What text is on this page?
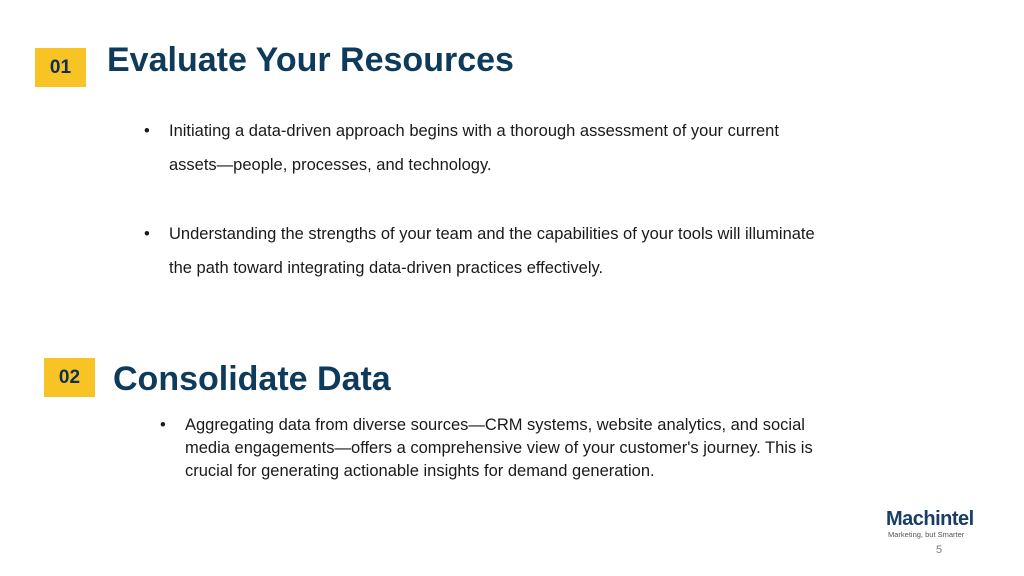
01	Evaluate Your Resources
• Initiating a data-driven approach begins with a thorough assessment of your current assets—people, processes, and technology.
• Understanding the strengths of your team and the capabilities of your tools will illuminate the path toward integrating data-driven practices effectively.
02 Consolidate Data
• Aggregating data from diverse sources—CRM systems, website analytics, and social media engagements—offers a comprehensive view of your customer's journey. This is crucial for generating actionable insights for demand generation.
Machintel
Marketing, but Smarter
5
